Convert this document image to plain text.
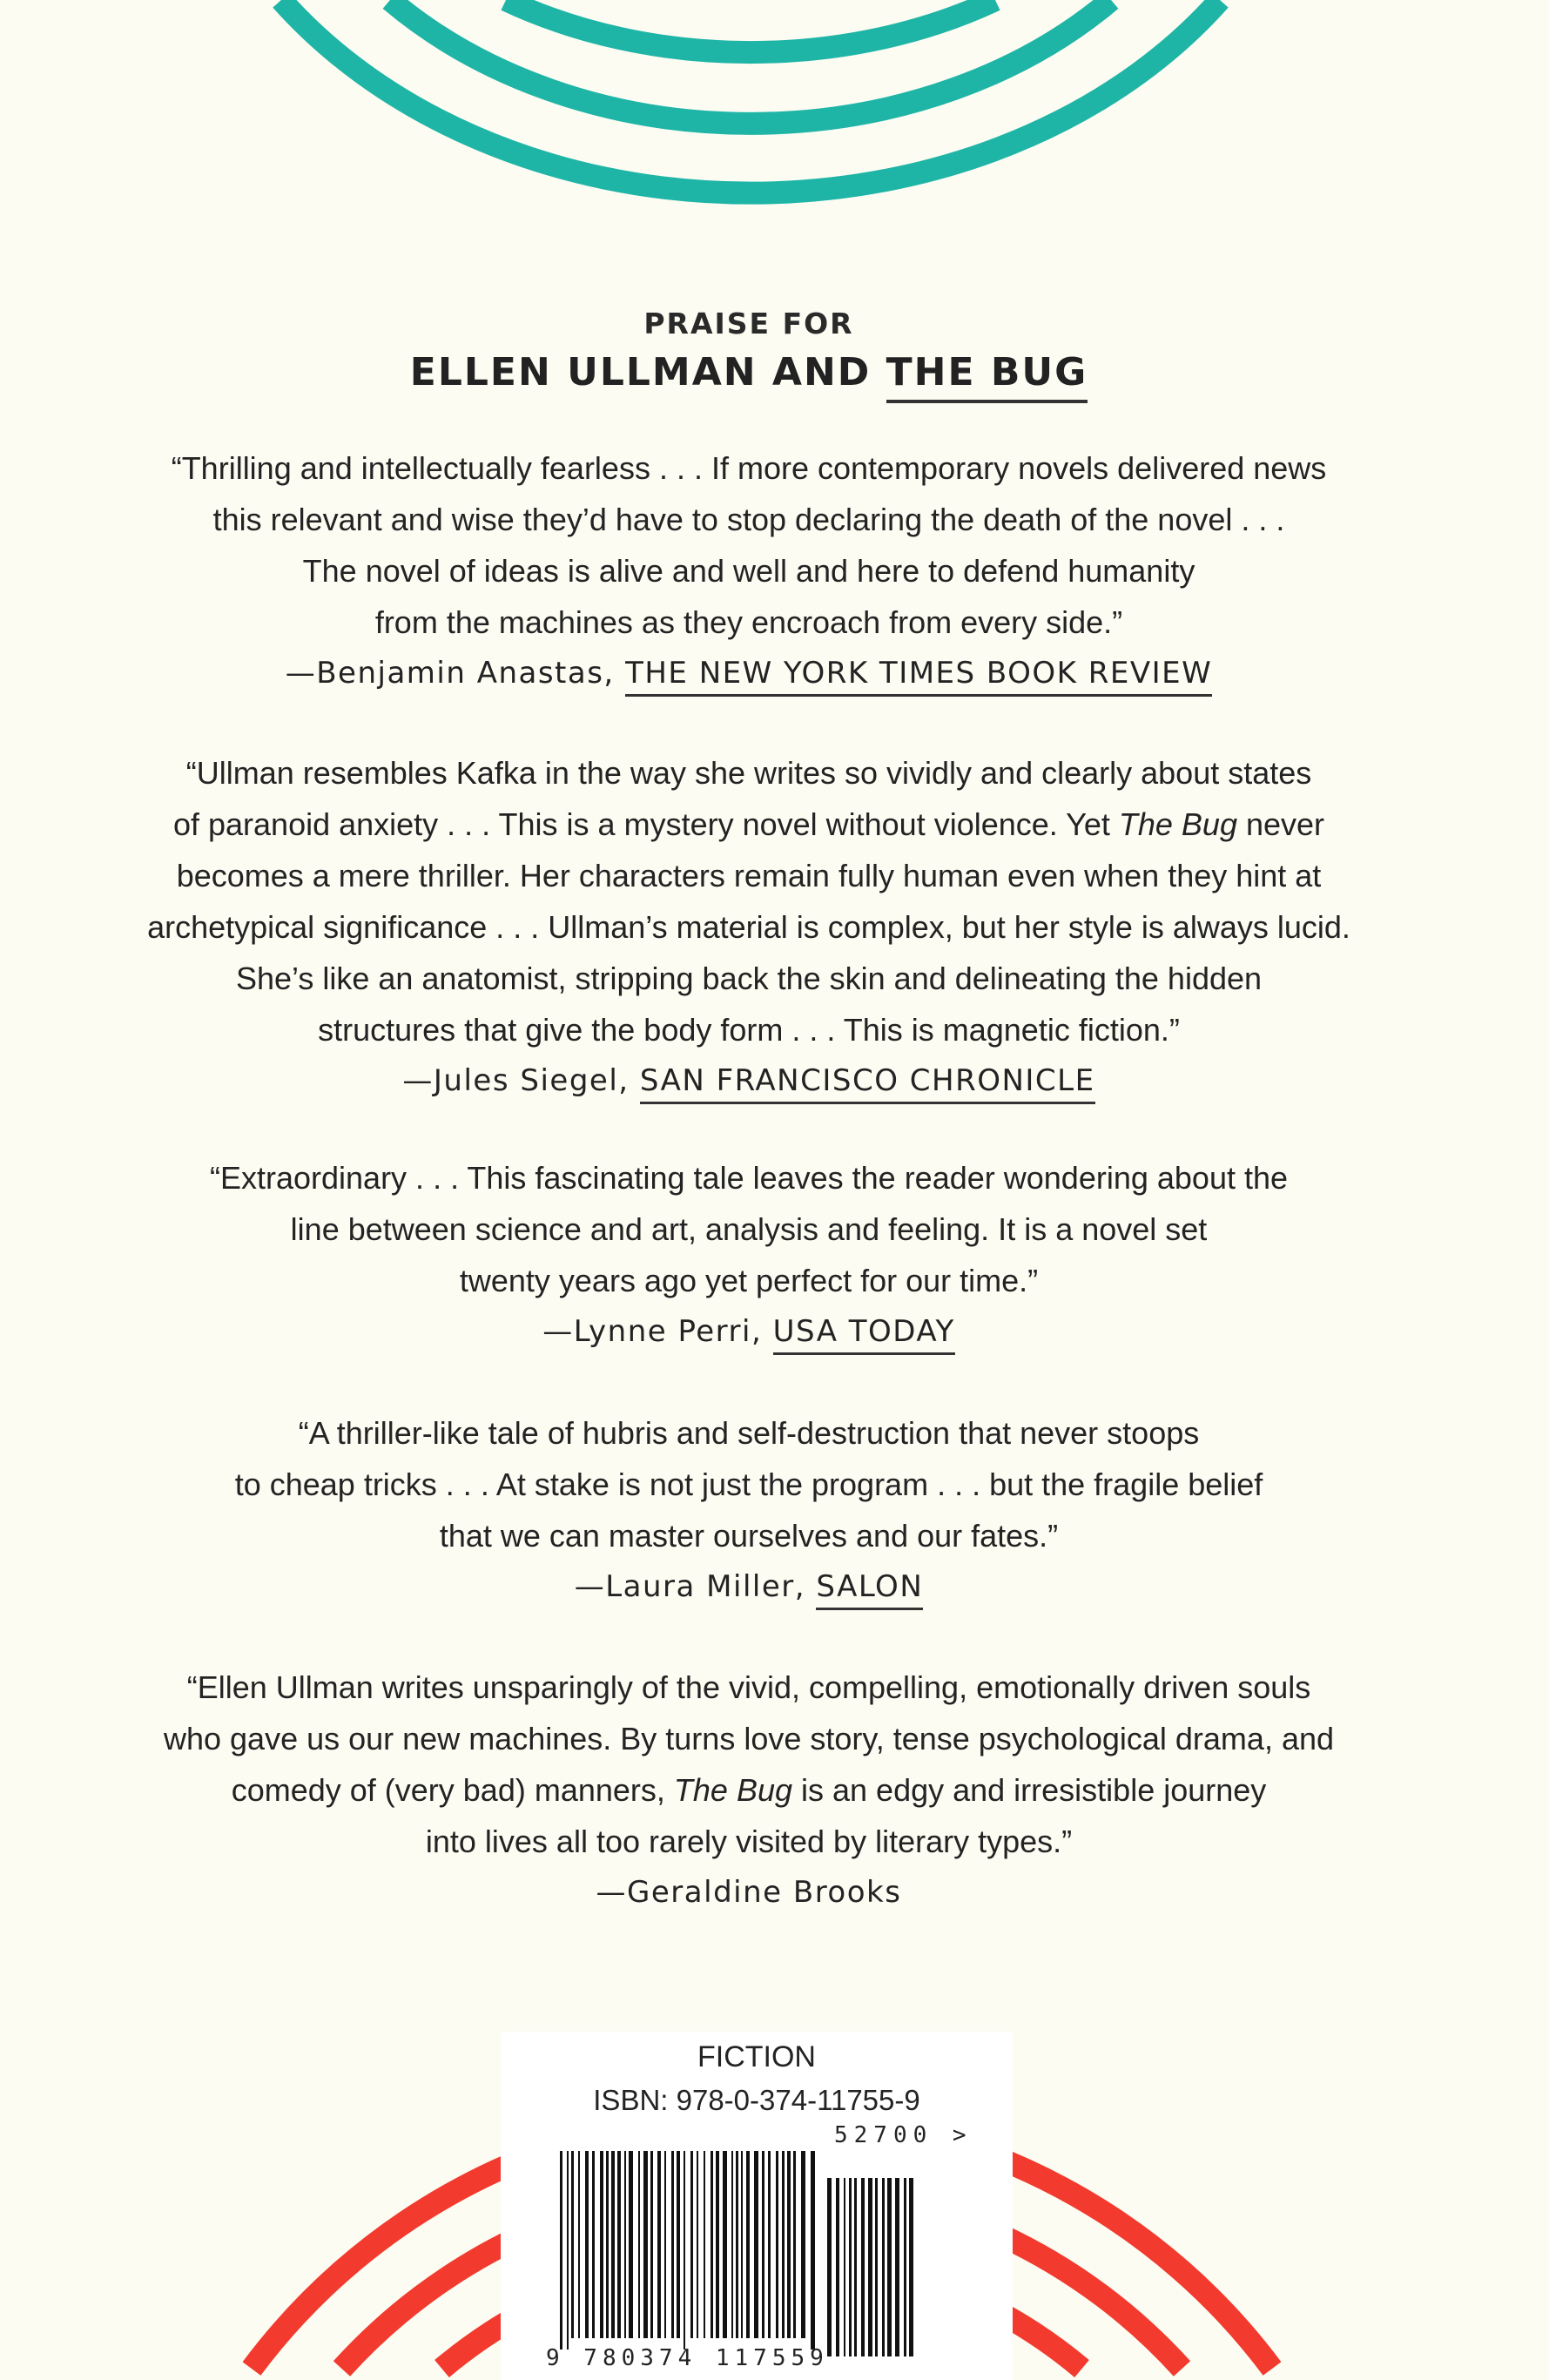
PRAISE FOR
ELLEN ULLMAN AND THE BUG
“Thrilling and intellectually fearless . . . If more contemporary novels delivered news
this relevant and wise they’d have to stop declaring the death of the novel . . .
The novel of ideas is alive and well and here to defend humanity
from the machines as they encroach from every side.”
—Benjamin Anastas, THE NEW YORK TIMES BOOK REVIEW
“Ullman resembles Kafka in the way she writes so vividly and clearly about states
of paranoid anxiety . . . This is a mystery novel without violence. Yet The Bug never
becomes a mere thriller. Her characters remain fully human even when they hint at
archetypical significance . . . Ullman’s material is complex, but her style is always lucid.
She’s like an anatomist, stripping back the skin and delineating the hidden
structures that give the body form . . . This is magnetic fiction.”
—Jules Siegel, SAN FRANCISCO CHRONICLE
“Extraordinary . . . This fascinating tale leaves the reader wondering about the
line between science and art, analysis and feeling. It is a novel set
twenty years ago yet perfect for our time.”
—Lynne Perri, USA TODAY
“A thriller-like tale of hubris and self-destruction that never stoops
to cheap tricks . . . At stake is not just the program . . . but the fragile belief
that we can master ourselves and our fates.”
—Laura Miller, SALON
“Ellen Ullman writes unsparingly of the vivid, compelling, emotionally driven souls
who gave us our new machines. By turns love story, tense psychological drama, and
comedy of (very bad) manners, The Bug is an edgy and irresistible journey
into lives all too rarely visited by literary types.”
—Geraldine Brooks
FICTION
ISBN: 978-0-374-11755-9
9 780374 117559
52700 >
